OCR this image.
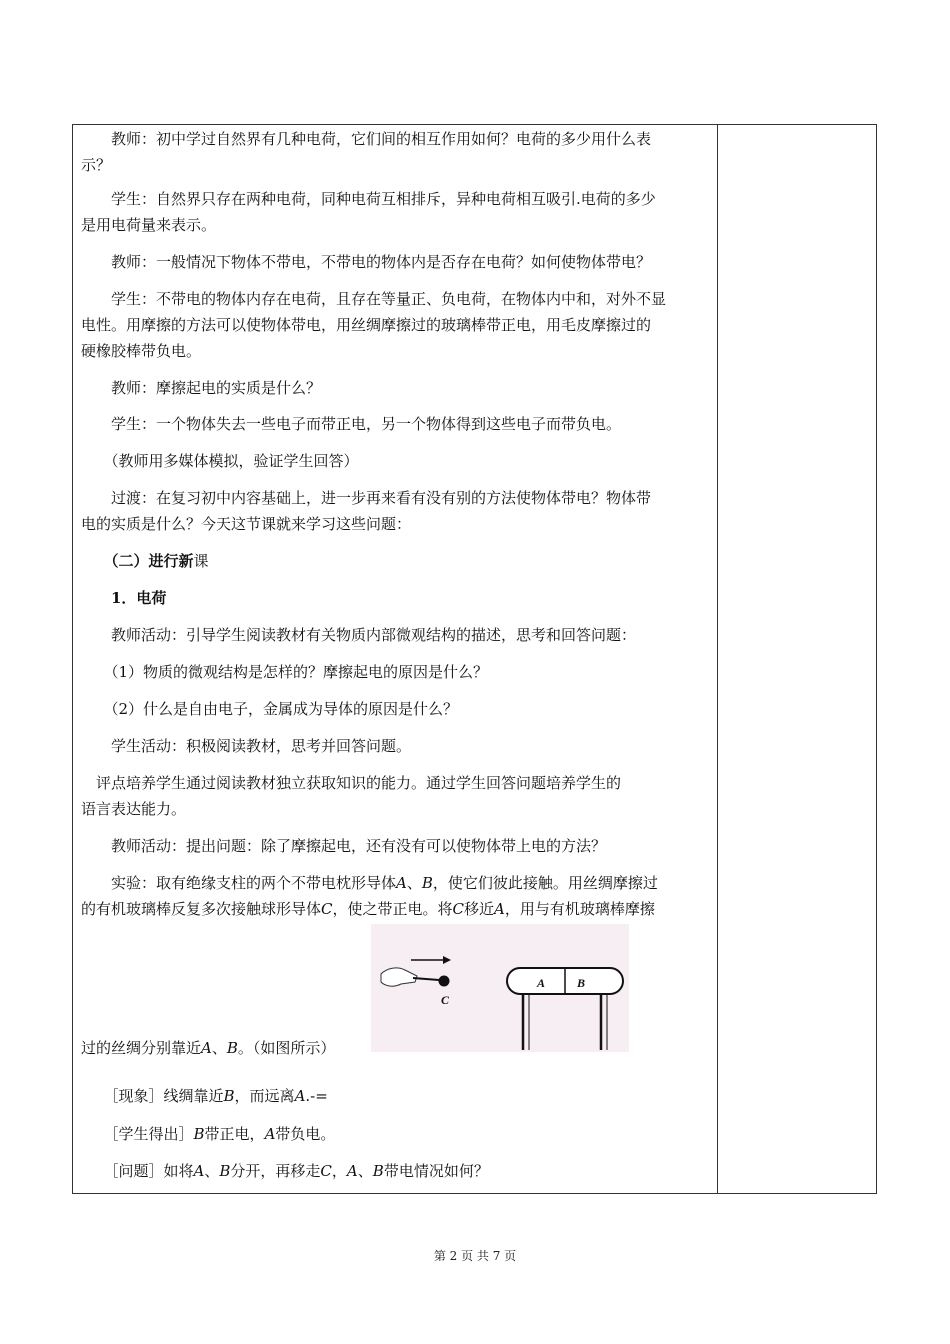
　　教师：初中学过自然界有几种电荷，它们间的相互作用如何？电荷的多少用什么表
示？
　　学生：自然界只存在两种电荷，同种电荷互相排斥，异种电荷相互吸引.电荷的多少
是用电荷量来表示。
　　教师：一般情况下物体不带电，不带电的物体内是否存在电荷？如何使物体带电？
　　学生：不带电的物体内存在电荷，且存在等量正、负电荷，在物体内中和，对外不显
电性。用摩擦的方法可以使物体带电，用丝绸摩擦过的玻璃棒带正电，用毛皮摩擦过的
硬橡胶棒带负电。
　　教师：摩擦起电的实质是什么？
　　学生：一个物体失去一些电子而带正电，另一个物体得到这些电子而带负电。
　　（教师用多媒体模拟，验证学生回答）
　　过渡：在复习初中内容基础上，进一步再来看有没有别的方法使物体带电？物体带
电的实质是什么？今天这节课就来学习这些问题：
　　（二）进行新课
　　1．电荷
　　教师活动：引导学生阅读教材有关物质内部微观结构的描述，思考和回答问题：
　　（1）物质的微观结构是怎样的？摩擦起电的原因是什么？
　　（2）什么是自由电子，金属成为导体的原因是什么？
　　学生活动：积极阅读教材，思考并回答问题。
　评点培养学生通过阅读教材独立获取知识的能力。通过学生回答问题培养学生的
语言表达能力。
　　教师活动：提出问题：除了摩擦起电，还有没有可以使物体带上电的方法？
　　实验：取有绝缘支柱的两个不带电枕形导体A、B，使它们彼此接触。用丝绸摩擦过
的有机玻璃棒反复多次接触球形导体C，使之带正电。将C移近A，用与有机玻璃棒摩擦
C
A	B
过的丝绸分别靠近A、B。（如图所示）
　　［现象］线绸靠近B，而远离A.-=
　　［学生得出］B带正电，A带负电。
　　［问题］如将A、B分开，再移走C，A、B带电情况如何？
第 2 页 共 7 页
